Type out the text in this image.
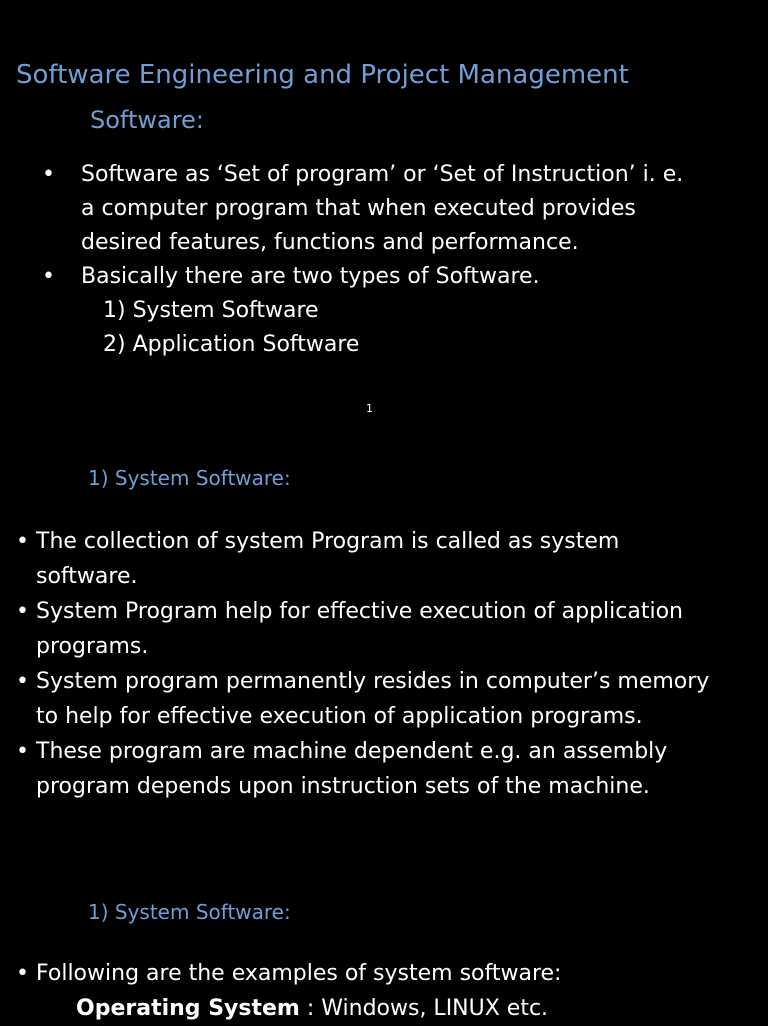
Software Engineering and Project Management
Software:
• Software as ‘Set of program’ or ‘Set of Instruction’ i. e.
a computer program that when executed provides
desired features, functions and performance.
• Basically there are two types of Software.
1) System Software
2) Application Software
1
1) System Software:
• The collection of system Program is called as system
software.
• System Program help for effective execution of application
programs.
• System program permanently resides in computer’s memory
to help for effective execution of application programs.
• These program are machine dependent e.g. an assembly
program depends upon instruction sets of the machine.
1) System Software:
• Following are the examples of system software:
Operating System : Windows, LINUX etc.
